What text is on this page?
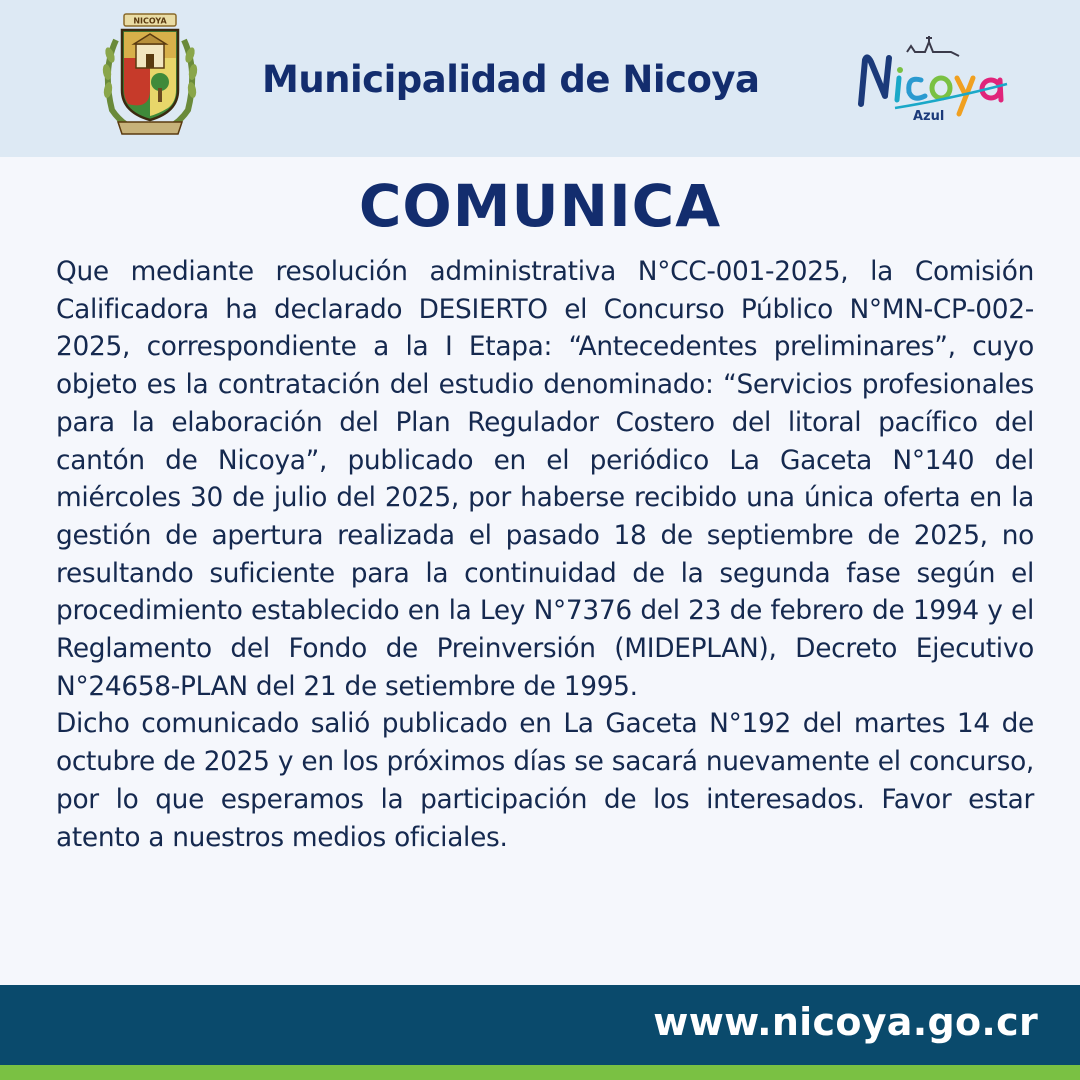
NICOYA
Municipalidad de Nicoya
Azul
COMUNICA

Que mediante resolución administrativa N°CC-001-2025, la Comisión Calificadora ha declarado DESIERTO el Concurso Público N°MN-CP-002-2025, correspondiente a la I Etapa: “Antecedentes preliminares”, cuyo objeto es la contratación del estudio denominado: “Servicios profesionales para la elaboración del Plan Regulador Costero del litoral pacífico del cantón de Nicoya”, publicado en el periódico La Gaceta N°140 del miércoles 30 de julio del 2025, por haberse recibido una única oferta en la gestión de apertura realizada el pasado 18 de septiembre de 2025, no resultando suficiente para la continuidad de la segunda fase según el procedimiento establecido en la Ley N°7376 del 23 de febrero de 1994 y el Reglamento del Fondo de Preinversión (MIDEPLAN), Decreto Ejecutivo N°24658-PLAN del 21 de setiembre de 1995.

Dicho comunicado salió publicado en La Gaceta N°192 del martes 14 de octubre de 2025 y en los próximos días se sacará nuevamente el concurso, por lo que esperamos la participación de los interesados. Favor estar atento a nuestros medios oficiales.

www.nicoya.go.cr
